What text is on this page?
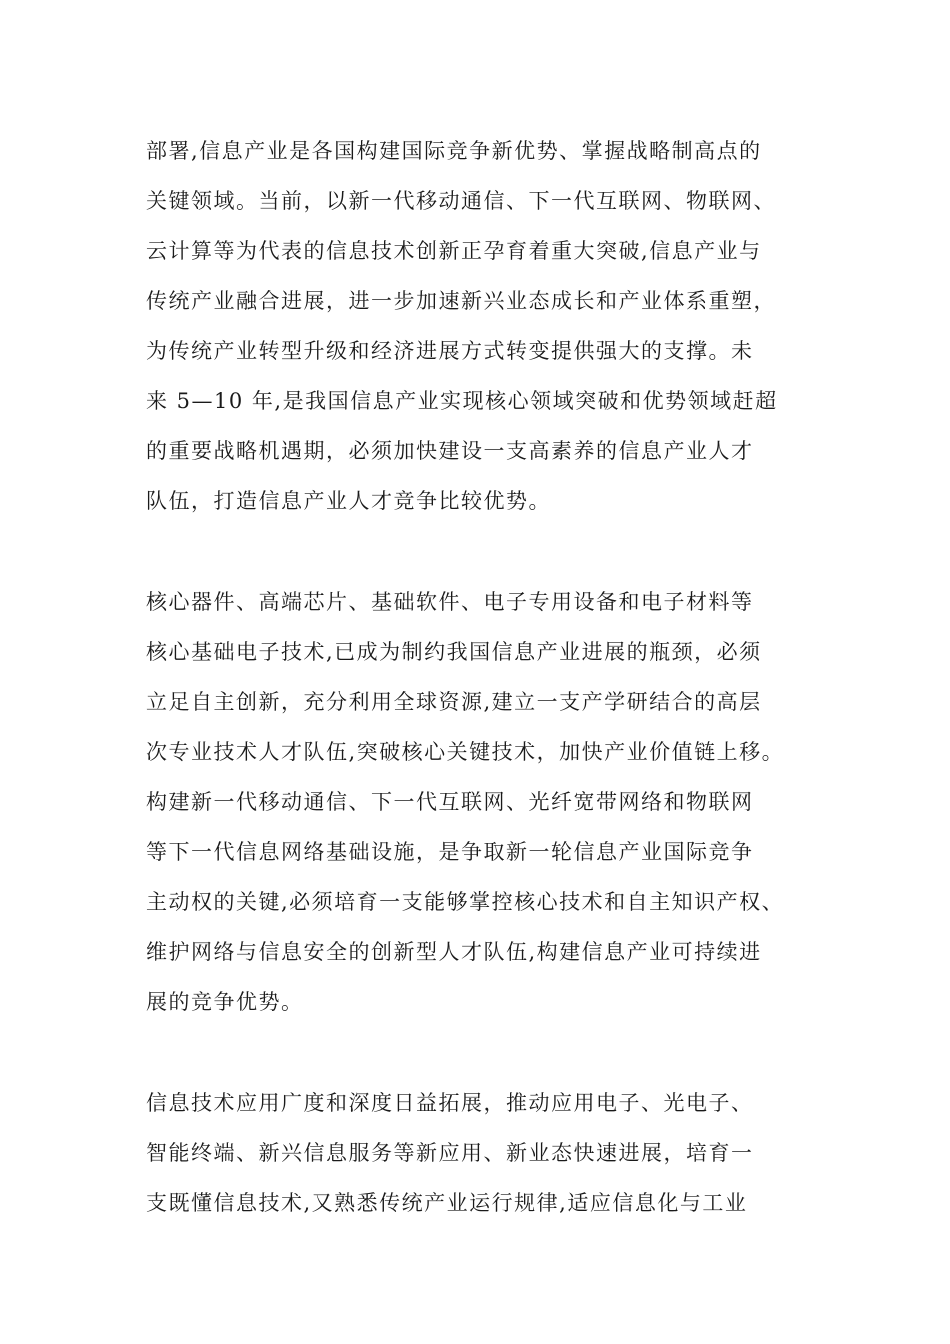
部署,信息产业是各国构建国际竞争新优势、掌握战略制高点的
关键领域。当前，以新一代移动通信、下一代互联网、物联网、
云计算等为代表的信息技术创新正孕育着重大突破,信息产业与
传统产业融合进展，进一步加速新兴业态成长和产业体系重塑，
为传统产业转型升级和经济进展方式转变提供强大的支撑。未
来 5—10 年,是我国信息产业实现核心领域突破和优势领域赶超
的重要战略机遇期，必须加快建设一支高素养的信息产业人才
队伍，打造信息产业人才竞争比较优势。
核心器件、高端芯片、基础软件、电子专用设备和电子材料等
核心基础电子技术,已成为制约我国信息产业进展的瓶颈，必须
立足自主创新，充分利用全球资源,建立一支产学研结合的高层
次专业技术人才队伍,突破核心关键技术，加快产业价值链上移。
构建新一代移动通信、下一代互联网、光纤宽带网络和物联网
等下一代信息网络基础设施，是争取新一轮信息产业国际竞争
主动权的关键,必须培育一支能够掌控核心技术和自主知识产权、
维护网络与信息安全的创新型人才队伍,构建信息产业可持续进
展的竞争优势。
信息技术应用广度和深度日益拓展，推动应用电子、光电子、
智能终端、新兴信息服务等新应用、新业态快速进展，培育一
支既懂信息技术,又熟悉传统产业运行规律,适应信息化与工业
